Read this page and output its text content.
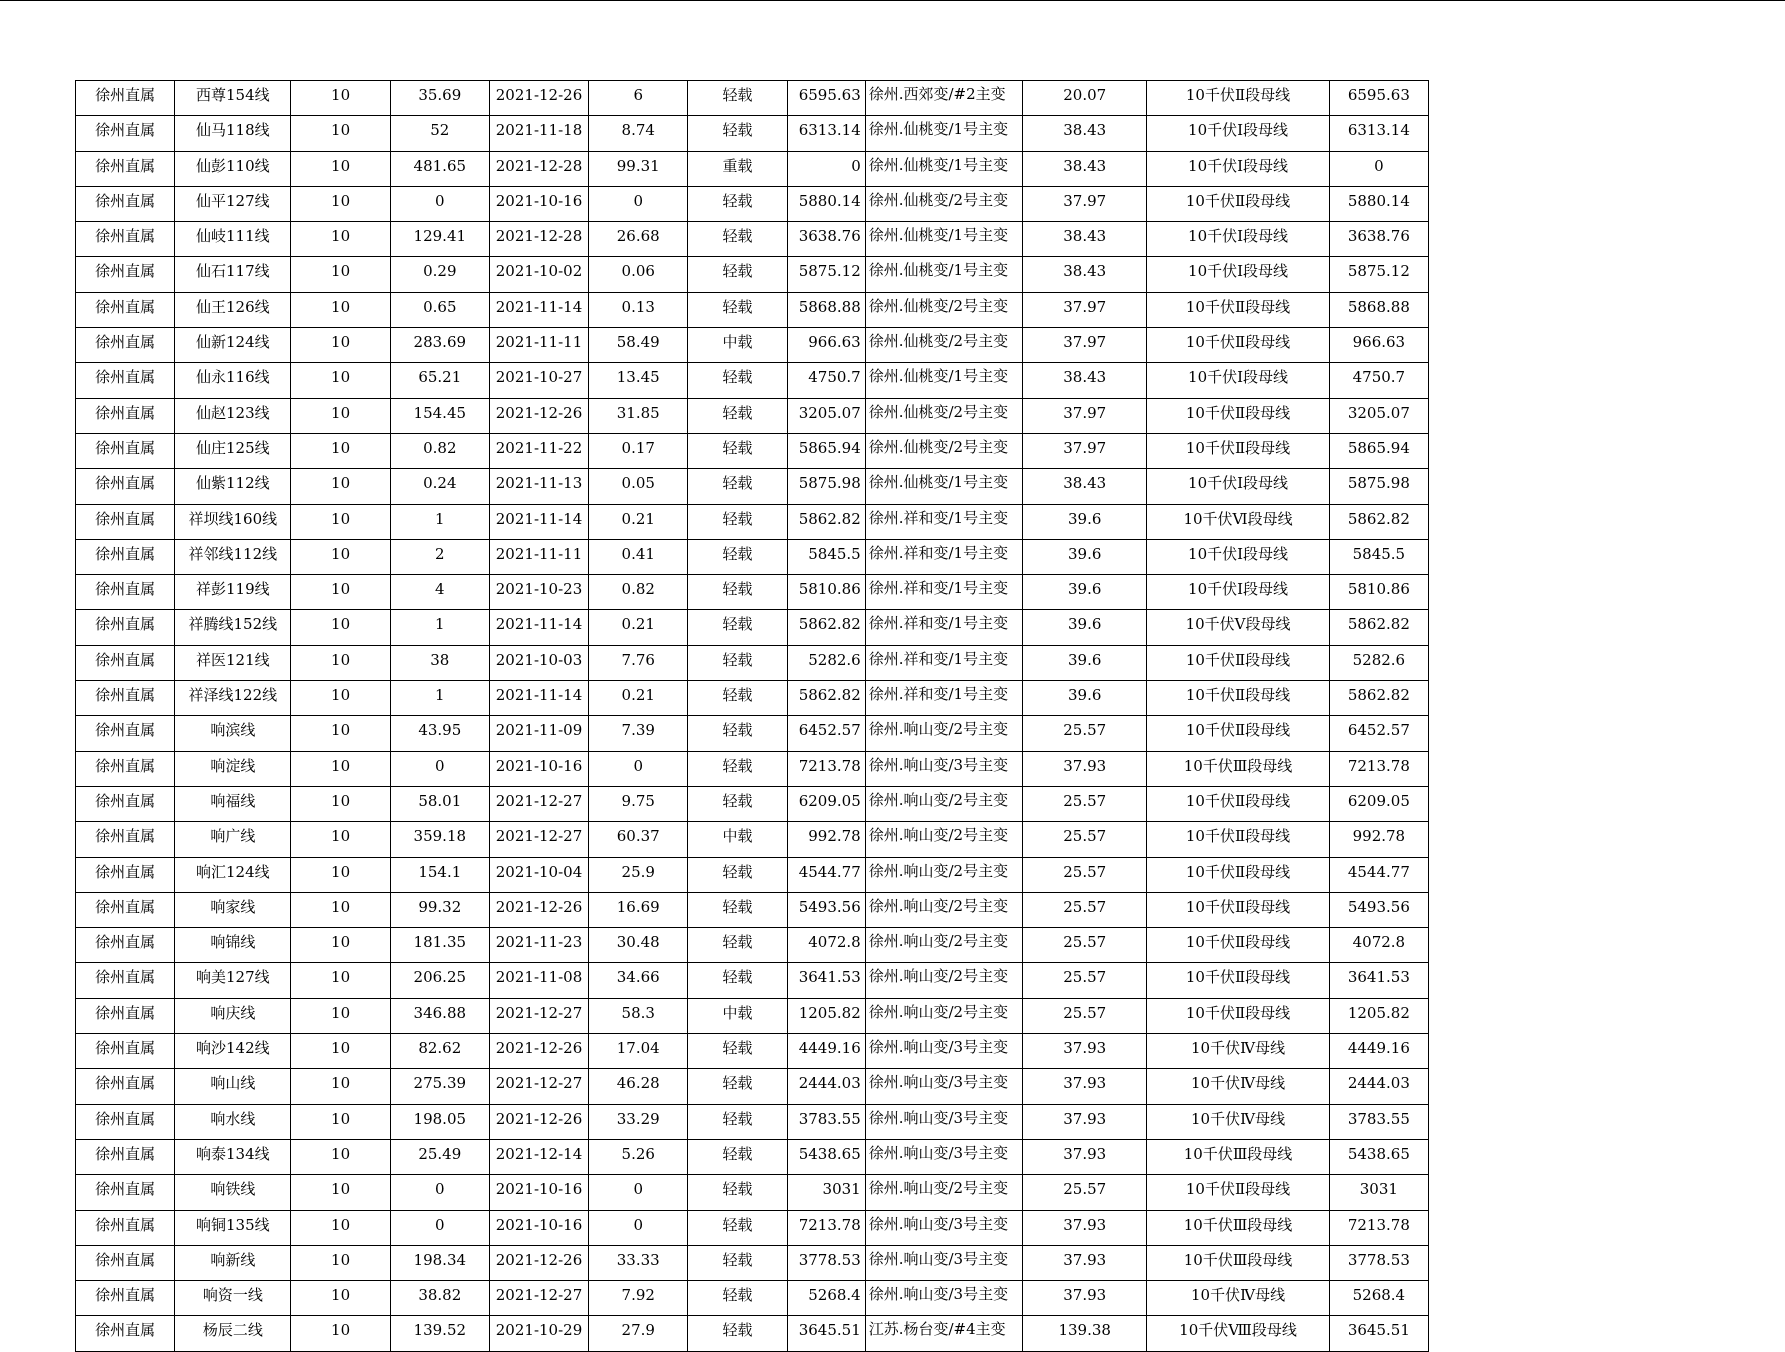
徐州直属	西尊154线	10	35.69	2021-12-26	6	轻载	6595.63	徐州.西郊变/#2主变	20.07	10千伏Ⅱ段母线	6595.63
徐州直属	仙马118线	10	52	2021-11-18	8.74	轻载	6313.14	徐州.仙桃变/1号主变	38.43	10千伏Ⅰ段母线	6313.14
徐州直属	仙彭110线	10	481.65	2021-12-28	99.31	重载	0	徐州.仙桃变/1号主变	38.43	10千伏Ⅰ段母线	0
徐州直属	仙平127线	10	0	2021-10-16	0	轻载	5880.14	徐州.仙桃变/2号主变	37.97	10千伏Ⅱ段母线	5880.14
徐州直属	仙岐111线	10	129.41	2021-12-28	26.68	轻载	3638.76	徐州.仙桃变/1号主变	38.43	10千伏Ⅰ段母线	3638.76
徐州直属	仙石117线	10	0.29	2021-10-02	0.06	轻载	5875.12	徐州.仙桃变/1号主变	38.43	10千伏Ⅰ段母线	5875.12
徐州直属	仙王126线	10	0.65	2021-11-14	0.13	轻载	5868.88	徐州.仙桃变/2号主变	37.97	10千伏Ⅱ段母线	5868.88
徐州直属	仙新124线	10	283.69	2021-11-11	58.49	中载	966.63	徐州.仙桃变/2号主变	37.97	10千伏Ⅱ段母线	966.63
徐州直属	仙永116线	10	65.21	2021-10-27	13.45	轻载	4750.7	徐州.仙桃变/1号主变	38.43	10千伏Ⅰ段母线	4750.7
徐州直属	仙赵123线	10	154.45	2021-12-26	31.85	轻载	3205.07	徐州.仙桃变/2号主变	37.97	10千伏Ⅱ段母线	3205.07
徐州直属	仙庄125线	10	0.82	2021-11-22	0.17	轻载	5865.94	徐州.仙桃变/2号主变	37.97	10千伏Ⅱ段母线	5865.94
徐州直属	仙紫112线	10	0.24	2021-11-13	0.05	轻载	5875.98	徐州.仙桃变/1号主变	38.43	10千伏Ⅰ段母线	5875.98
徐州直属	祥坝线160线	10	1	2021-11-14	0.21	轻载	5862.82	徐州.祥和变/1号主变	39.6	10千伏Ⅵ段母线	5862.82
徐州直属	祥邻线112线	10	2	2021-11-11	0.41	轻载	5845.5	徐州.祥和变/1号主变	39.6	10千伏Ⅰ段母线	5845.5
徐州直属	祥彭119线	10	4	2021-10-23	0.82	轻载	5810.86	徐州.祥和变/1号主变	39.6	10千伏Ⅰ段母线	5810.86
徐州直属	祥腾线152线	10	1	2021-11-14	0.21	轻载	5862.82	徐州.祥和变/1号主变	39.6	10千伏Ⅴ段母线	5862.82
徐州直属	祥医121线	10	38	2021-10-03	7.76	轻载	5282.6	徐州.祥和变/1号主变	39.6	10千伏Ⅱ段母线	5282.6
徐州直属	祥泽线122线	10	1	2021-11-14	0.21	轻载	5862.82	徐州.祥和变/1号主变	39.6	10千伏Ⅱ段母线	5862.82
徐州直属	响滨线	10	43.95	2021-11-09	7.39	轻载	6452.57	徐州.响山变/2号主变	25.57	10千伏Ⅱ段母线	6452.57
徐州直属	响淀线	10	0	2021-10-16	0	轻载	7213.78	徐州.响山变/3号主变	37.93	10千伏Ⅲ段母线	7213.78
徐州直属	响福线	10	58.01	2021-12-27	9.75	轻载	6209.05	徐州.响山变/2号主变	25.57	10千伏Ⅱ段母线	6209.05
徐州直属	响广线	10	359.18	2021-12-27	60.37	中载	992.78	徐州.响山变/2号主变	25.57	10千伏Ⅱ段母线	992.78
徐州直属	响汇124线	10	154.1	2021-10-04	25.9	轻载	4544.77	徐州.响山变/2号主变	25.57	10千伏Ⅱ段母线	4544.77
徐州直属	响家线	10	99.32	2021-12-26	16.69	轻载	5493.56	徐州.响山变/2号主变	25.57	10千伏Ⅱ段母线	5493.56
徐州直属	响锦线	10	181.35	2021-11-23	30.48	轻载	4072.8	徐州.响山变/2号主变	25.57	10千伏Ⅱ段母线	4072.8
徐州直属	响美127线	10	206.25	2021-11-08	34.66	轻载	3641.53	徐州.响山变/2号主变	25.57	10千伏Ⅱ段母线	3641.53
徐州直属	响庆线	10	346.88	2021-12-27	58.3	中载	1205.82	徐州.响山变/2号主变	25.57	10千伏Ⅱ段母线	1205.82
徐州直属	响沙142线	10	82.62	2021-12-26	17.04	轻载	4449.16	徐州.响山变/3号主变	37.93	10千伏Ⅳ母线	4449.16
徐州直属	响山线	10	275.39	2021-12-27	46.28	轻载	2444.03	徐州.响山变/3号主变	37.93	10千伏Ⅳ母线	2444.03
徐州直属	响水线	10	198.05	2021-12-26	33.29	轻载	3783.55	徐州.响山变/3号主变	37.93	10千伏Ⅳ母线	3783.55
徐州直属	响泰134线	10	25.49	2021-12-14	5.26	轻载	5438.65	徐州.响山变/3号主变	37.93	10千伏Ⅲ段母线	5438.65
徐州直属	响铁线	10	0	2021-10-16	0	轻载	3031	徐州.响山变/2号主变	25.57	10千伏Ⅱ段母线	3031
徐州直属	响铜135线	10	0	2021-10-16	0	轻载	7213.78	徐州.响山变/3号主变	37.93	10千伏Ⅲ段母线	7213.78
徐州直属	响新线	10	198.34	2021-12-26	33.33	轻载	3778.53	徐州.响山变/3号主变	37.93	10千伏Ⅲ段母线	3778.53
徐州直属	响资一线	10	38.82	2021-12-27	7.92	轻载	5268.4	徐州.响山变/3号主变	37.93	10千伏Ⅳ母线	5268.4
徐州直属	杨辰二线	10	139.52	2021-10-29	27.9	轻载	3645.51	江苏.杨台变/#4主变	139.38	10千伏Ⅷ段母线	3645.51
